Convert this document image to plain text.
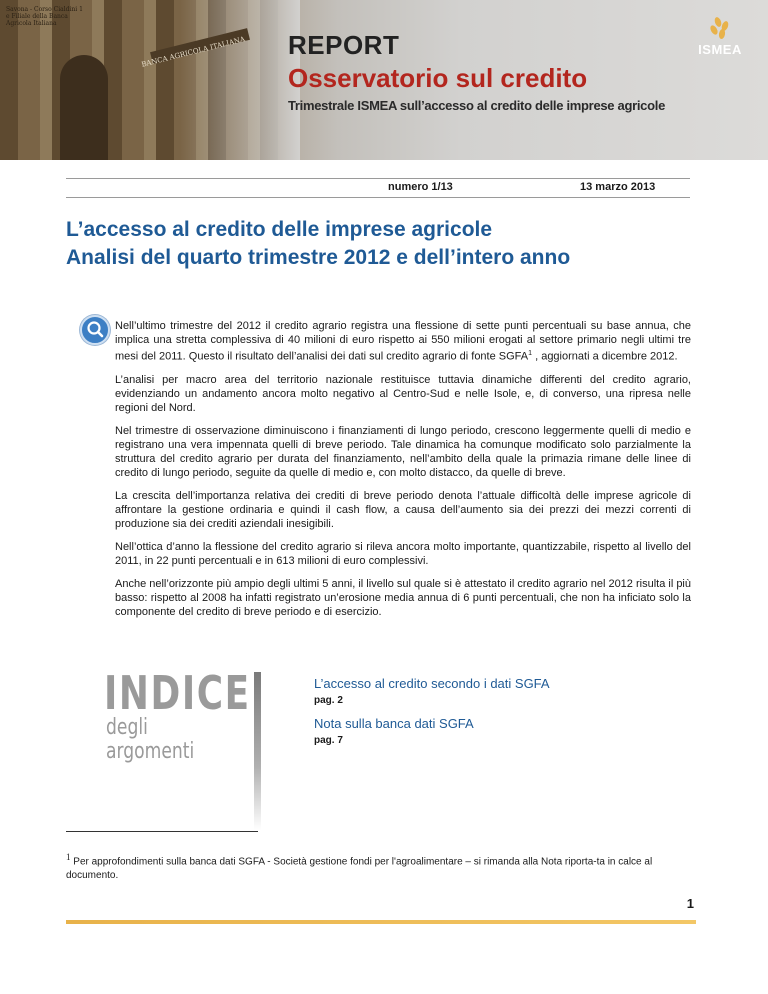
Savona - Corso Cialdini 1
e Filiale della Banca
Agricola Italiana
BANCA AGRICOLA ITALIANA REPORT
Osservatorio sul credito
Trimestrale ISMEA sull’accesso al credito delle imprese agricole
ISMEA
numero 1/13	13 marzo 2013
L’accesso al credito delle imprese agricole
Analisi del quarto trimestre 2012 e dell’intero anno

Nell’ultimo trimestre del 2012 il credito agrario registra una flessione di sette punti percentuali su base annua, che implica una stretta complessiva di 40 milioni di euro rispetto ai 550 milioni erogati al settore primario negli ultimi tre mesi del 2011. Questo il risultato dell’analisi dei dati sul credito agrario di fonte SGFA$^1$ , aggiornati a dicembre 2012.

L’analisi per macro area del territorio nazionale restituisce tuttavia dinamiche differenti del credito agrario, evidenziando un andamento ancora molto negativo al Centro-Sud e nelle Isole, e, di converso, una ripresa nelle regioni del Nord.

Nel trimestre di osservazione diminuiscono i finanziamenti di lungo periodo, crescono leggermente quelli di medio e registrano una vera impennata quelli di breve periodo. Tale dinamica ha comunque modificato solo parzialmente la struttura del credito agrario per durata del finanziamento, nell’ambito della quale la primazia rimane delle linee di credito di lungo periodo, seguite da quelle di medio e, con molto distacco, da quelle di breve.

La crescita dell’importanza relativa dei crediti di breve periodo denota l’attuale difficoltà delle imprese agricole di affrontare la gestione ordinaria e quindi il cash flow, a causa dell’aumento sia dei prezzi dei mezzi correnti di produzione sia dei crediti aziendali inesigibili.

Nell’ottica d’anno la flessione del credito agrario si rileva ancora molto importante, quantizzabile, rispetto al livello del 2011, in 22 punti percentuali e in 613 milioni di euro complessivi.

Anche nell’orizzonte più ampio degli ultimi 5 anni, il livello sul quale si è attestato il credito agrario nel 2012 risulta il più basso: rispetto al 2008 ha infatti registrato un’erosione media annua di 6 punti percentuali, che non ha inficiato solo la componente del credito di breve periodo e di esercizio.

INDICE
degli argomenti
L’accesso al credito secondo i dati SGFA
pag. 2
Nota sulla banca dati SGFA
pag. 7
$^1$ Per approfondimenti sulla banca dati SGFA - Società gestione fondi per l'agroalimentare – si rimanda alla Nota riporta-ta in calce al documento.
1
